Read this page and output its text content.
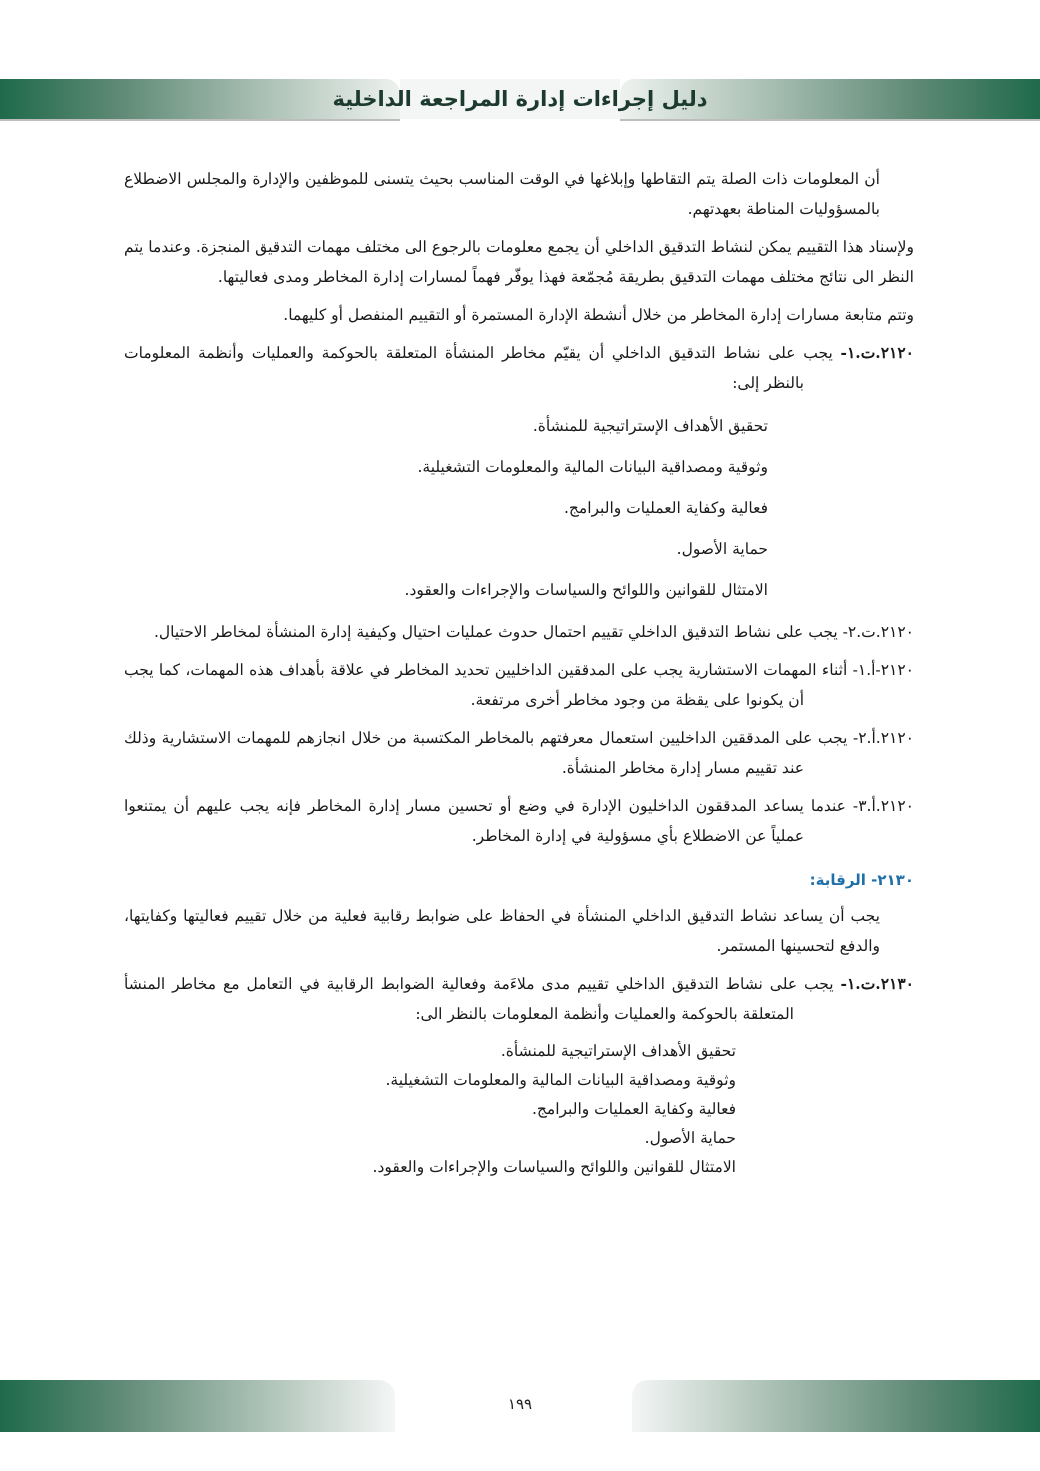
دليل إجراءات إدارة المراجعة الداخلية

أن المعلومات ذات الصلة يتم التقاطها وإبلاغها في الوقت المناسب بحيث يتسنى للموظفين والإدارة والمجلس الاضطلاع بالمسؤوليات المناطة بعهدتهم.

ولإسناد هذا التقييم يمكن لنشاط التدقيق الداخلي أن يجمع معلومات بالرجوع الى مختلف مهمات التدقيق المنجزة. وعندما يتم النظر الى نتائج مختلف مهمات التدقيق بطريقة مُجمّعة فهذا يوفّر فهماً لمسارات إدارة المخاطر ومدى فعاليتها.

وتتم متابعة مسارات إدارة المخاطر من خلال أنشطة الإدارة المستمرة أو التقييم المنفصل أو كليهما.

٢١٢٠.ت.١- يجب على نشاط التدقيق الداخلي أن يقيّم مخاطر المنشأة المتعلقة بالحوكمة والعمليات وأنظمة المعلومات بالنظر إلى:

تحقيق الأهداف الإستراتيجية للمنشأة.
وثوقية ومصداقية البيانات المالية والمعلومات التشغيلية.
فعالية وكفاية العمليات والبرامج.
حماية الأصول.
الامتثال للقوانين واللوائح والسياسات والإجراءات والعقود.

٢١٢٠.ت.٢- يجب على نشاط التدقيق الداخلي تقييم احتمال حدوث عمليات احتيال وكيفية إدارة المنشأة لمخاطر الاحتيال.

٢١٢٠-أ.١- أثناء المهمات الاستشارية يجب على المدققين الداخليين تحديد المخاطر في علاقة بأهداف هذه المهمات، كما يجب أن يكونوا على يقظة من وجود مخاطر أخرى مرتفعة.

٢١٢٠.أ.٢- يجب على المدققين الداخليين استعمال معرفتهم بالمخاطر المكتسبة من خلال انجازهم للمهمات الاستشارية وذلك عند تقييم مسار إدارة مخاطر المنشأة.

٢١٢٠.أ.٣- عندما يساعد المدققون الداخليون الإدارة في وضع أو تحسين مسار إدارة المخاطر فإنه يجب عليهم أن يمتنعوا عملياً عن الاضطلاع بأي مسؤولية في إدارة المخاطر.

٢١٣٠- الرقابة:

يجب أن يساعد نشاط التدقيق الداخلي المنشأة في الحفاظ على ضوابط رقابية فعلية من خلال تقييم فعاليتها وكفايتها، والدفع لتحسينها المستمر.

٢١٣٠.ت.١- يجب على نشاط التدقيق الداخلي تقييم مدى ملاءَمة وفعالية الضوابط الرقابية في التعامل مع مخاطر المنشأ المتعلقة بالحوكمة والعمليات وأنظمة المعلومات بالنظر الى:

تحقيق الأهداف الإستراتيجية للمنشأة.
وثوقية ومصداقية البيانات المالية والمعلومات التشغيلية.
فعالية وكفاية العمليات والبرامج.
حماية الأصول.
الامتثال للقوانين واللوائح والسياسات والإجراءات والعقود.
١٩٩
